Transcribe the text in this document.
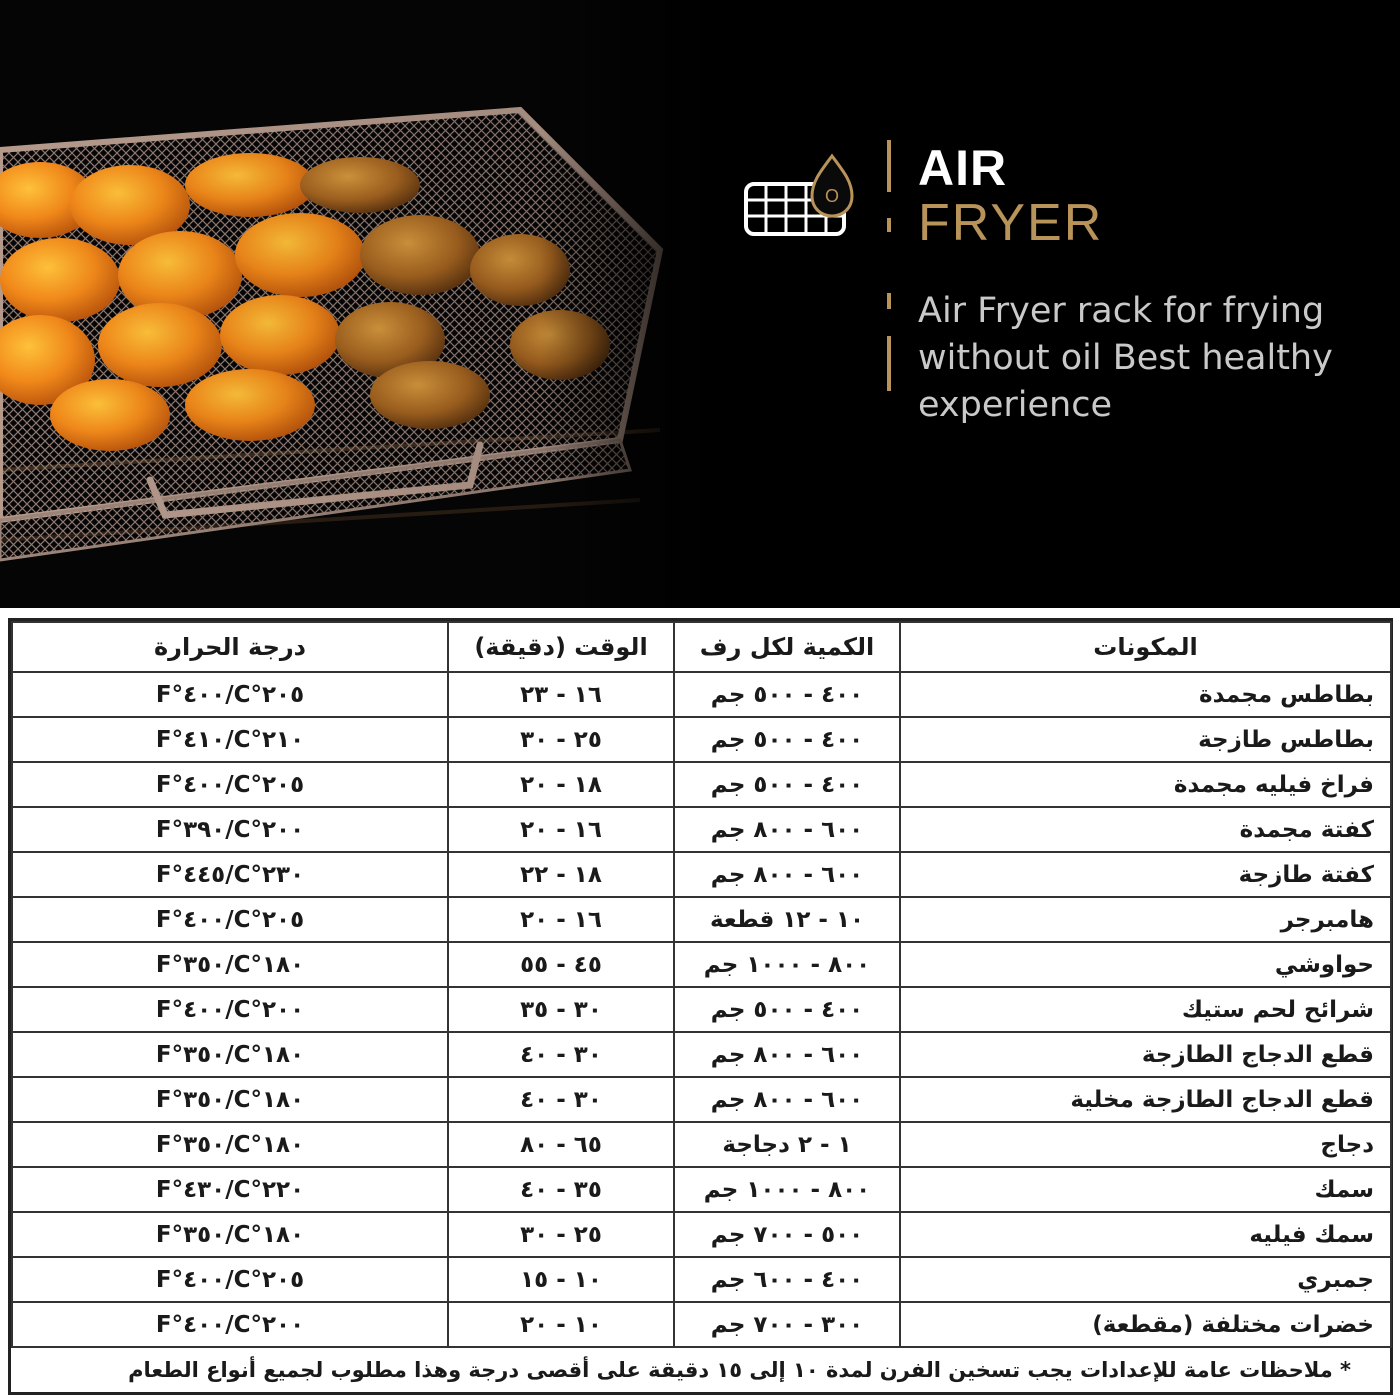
O AIR
FRYER
Air Fryer rack for frying without oil Best healthy experience
المكونات	الكمية لكل رف	الوقت (دقيقة)	درجة الحرارة
بطاطس مجمدة	٤٠٠ - ٥٠٠ جم	١٦ - ٢٣	٢٠٥°C/٤٠٠°F
بطاطس طازجة	٤٠٠ - ٥٠٠ جم	٢٥ - ٣٠	٢١٠°C/٤١٠°F
فراخ فيليه مجمدة	٤٠٠ - ٥٠٠ جم	١٨ - ٢٠	٢٠٥°C/٤٠٠°F
كفتة مجمدة	٦٠٠ - ٨٠٠ جم	١٦ - ٢٠	٢٠٠°C/٣٩٠°F
كفتة طازجة	٦٠٠ - ٨٠٠ جم	١٨ - ٢٢	٢٣٠°C/٤٤٥°F
هامبرجر	١٠ - ١٢ قطعة	١٦ - ٢٠	٢٠٥°C/٤٠٠°F
حواوشي	٨٠٠ - ١٠٠٠ جم	٤٥ - ٥٥	١٨٠°C/٣٥٠°F
شرائح لحم ستيك	٤٠٠ - ٥٠٠ جم	٣٠ - ٣٥	٢٠٠°C/٤٠٠°F
قطع الدجاج الطازجة	٦٠٠ - ٨٠٠ جم	٣٠ - ٤٠	١٨٠°C/٣٥٠°F
قطع الدجاج الطازجة مخلية	٦٠٠ - ٨٠٠ جم	٣٠ - ٤٠	١٨٠°C/٣٥٠°F
دجاج	١ - ٢ دجاجة	٦٥ - ٨٠	١٨٠°C/٣٥٠°F
سمك	٨٠٠ - ١٠٠٠ جم	٣٥ - ٤٠	٢٢٠°C/٤٣٠°F
سمك فيليه	٥٠٠ - ٧٠٠ جم	٢٥ - ٣٠	١٨٠°C/٣٥٠°F
جمبري	٤٠٠ - ٦٠٠ جم	١٠ - ١٥	٢٠٥°C/٤٠٠°F
خضرات مختلفة (مقطعة)	٣٠٠ - ٧٠٠ جم	١٠ - ٢٠	٢٠٠°C/٤٠٠°F
* ملاحظات عامة للإعدادات يجب تسخين الفرن لمدة ١٠ إلى ١٥ دقيقة على أقصى درجة وهذا مطلوب لجميع أنواع الطعام			
